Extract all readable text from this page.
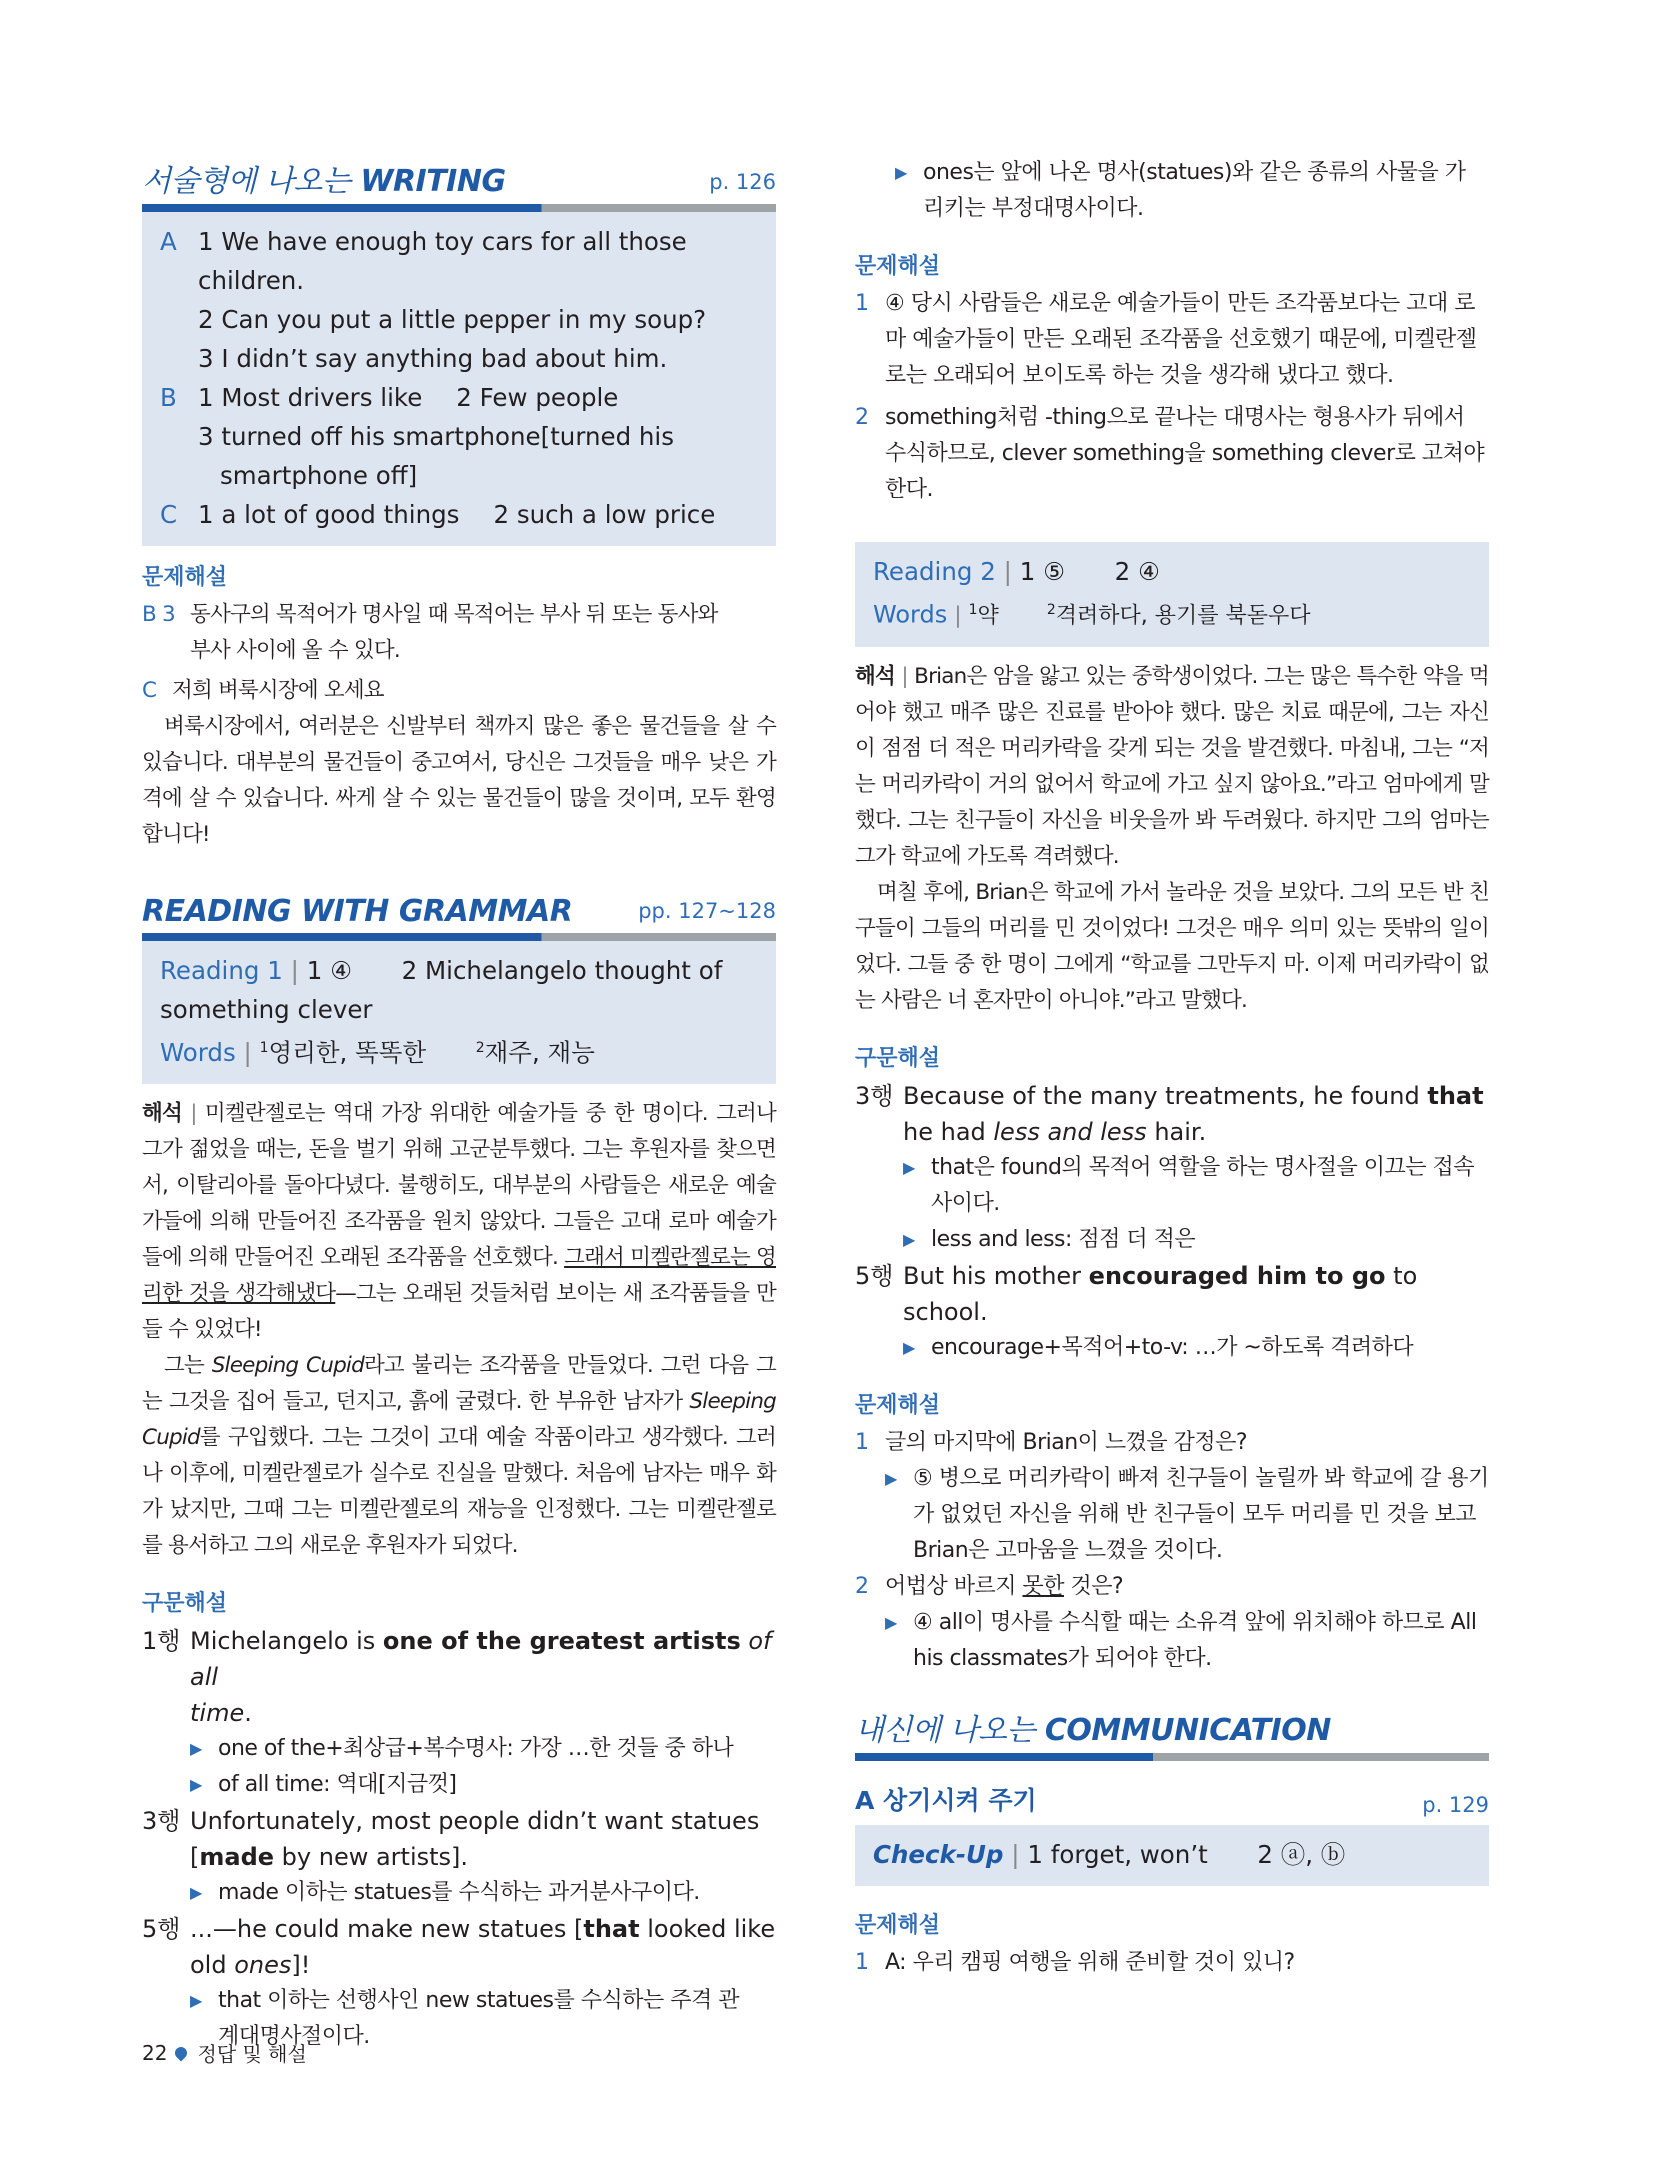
서술형에 나오는 WRITING	p. 126
A 1 We have enough toy cars for all those children.
2 Can you put a little pepper in my soup?
3 I didn’t say anything bad about him.
B 1 Most drivers like 2 Few people
3 turned off his smartphone[turned his
smartphone off]
C 1 a lot of good things 2 such a low price
문제해설
B 3 동사구의 목적어가 명사일 때 목적어는 부사 뒤 또는 동사와
부사 사이에 올 수 있다.
C 저희 벼룩시장에 오세요
벼룩시장에서, 여러분은 신발부터 책까지 많은 좋은 물건들을 살 수 있습니다. 대부분의 물건들이 중고여서, 당신은 그것들을 매우 낮은 가격에 살 수 있습니다. 싸게 살 수 있는 물건들이 많을 것이며, 모두 환영합니다!
READING WITH GRAMMAR	pp. 127~128
Reading 1 | 1 ④ 2 Michelangelo thought of
something clever
Words | $^1$영리한, 똑똑한	$^2$재주, 재능
해석 | 미켈란젤로는 역대 가장 위대한 예술가들 중 한 명이다. 그러나 그가 젊었을 때는, 돈을 벌기 위해 고군분투했다. 그는 후원자를 찾으면서, 이탈리아를 돌아다녔다. 불행히도, 대부분의 사람들은 새로운 예술가들에 의해 만들어진 조각품을 원치 않았다. 그들은 고대 로마 예술가들에 의해 만들어진 오래된 조각품을 선호했다. 그래서 미켈란젤로는 영리한 것을 생각해냈다—그는 오래된 것들처럼 보이는 새 조각품들을 만들 수 있었다!
그는 Sleeping Cupid라고 불리는 조각품을 만들었다. 그런 다음 그는 그것을 집어 들고, 던지고, 흙에 굴렸다. 한 부유한 남자가 Sleeping Cupid를 구입했다. 그는 그것이 고대 예술 작품이라고 생각했다. 그러나 이후에, 미켈란젤로가 실수로 진실을 말했다. 처음에 남자는 매우 화가 났지만, 그때 그는 미켈란젤로의 재능을 인정했다. 그는 미켈란젤로를 용서하고 그의 새로운 후원자가 되었다.
구문해설
1행 Michelangelo is one of the greatest artists of all
time.
▶ one of the+최상급+복수명사: 가장 …한 것들 중 하나
▶ of all time: 역대[지금껏]
3행 Unfortunately, most people didn’t want statues
[made by new artists].
▶ made 이하는 statues를 수식하는 과거분사구이다.
5행 ...—he could make new statues [that looked like
old ones]!
▶ that 이하는 선행사인 new statues를 수식하는 주격 관
계대명사절이다.
▶ ones는 앞에 나온 명사(statues)와 같은 종류의 사물을 가
리키는 부정대명사이다.
문제해설
1 ④ 당시 사람들은 새로운 예술가들이 만든 조각품보다는 고대 로마 예술가들이 만든 오래된 조각품을 선호했기 때문에, 미켈란젤로는 오래되어 보이도록 하는 것을 생각해 냈다고 했다.
2 something처럼 -thing으로 끝나는 대명사는 형용사가 뒤에서 수식하므로, clever something을 something clever로 고쳐야 한다.
Reading 2 | 1 ⑤ 2 ④
Words | $^1$약	$^2$격려하다, 용기를 북돋우다
해석 | Brian은 암을 앓고 있는 중학생이었다. 그는 많은 특수한 약을 먹어야 했고 매주 많은 진료를 받아야 했다. 많은 치료 때문에, 그는 자신이 점점 더 적은 머리카락을 갖게 되는 것을 발견했다. 마침내, 그는 “저는 머리카락이 거의 없어서 학교에 가고 싶지 않아요.”라고 엄마에게 말했다. 그는 친구들이 자신을 비웃을까 봐 두려웠다. 하지만 그의 엄마는 그가 학교에 가도록 격려했다.
며칠 후에, Brian은 학교에 가서 놀라운 것을 보았다. 그의 모든 반 친구들이 그들의 머리를 민 것이었다! 그것은 매우 의미 있는 뜻밖의 일이었다. 그들 중 한 명이 그에게 “학교를 그만두지 마. 이제 머리카락이 없는 사람은 너 혼자만이 아니야.”라고 말했다.
구문해설
3행 Because of the many treatments, he found that
he had less and less hair.
▶ that은 found의 목적어 역할을 하는 명사절을 이끄는 접속
사이다.
▶ less and less: 점점 더 적은
5행 But his mother encouraged him to go to school.
▶ encourage+목적어+to-v: …가 ~하도록 격려하다
문제해설
1 글의 마지막에 Brian이 느꼈을 감정은?
▶ ⑤ 병으로 머리카락이 빠져 친구들이 놀릴까 봐 학교에 갈 용기가 없었던 자신을 위해 반 친구들이 모두 머리를 민 것을 보고 Brian은 고마움을 느꼈을 것이다.
2 어법상 바르지 못한 것은?
▶ ④ all이 명사를 수식할 때는 소유격 앞에 위치해야 하므로 All his classmates가 되어야 한다.
내신에 나오는 COMMUNICATION
A 상기시켜 주기	p. 129
Check-Up | 1 forget, won’t 2 ⓐ, ⓑ
문제해설
1 A: 우리 캠핑 여행을 위해 준비할 것이 있니?
22 정답 및 해설
